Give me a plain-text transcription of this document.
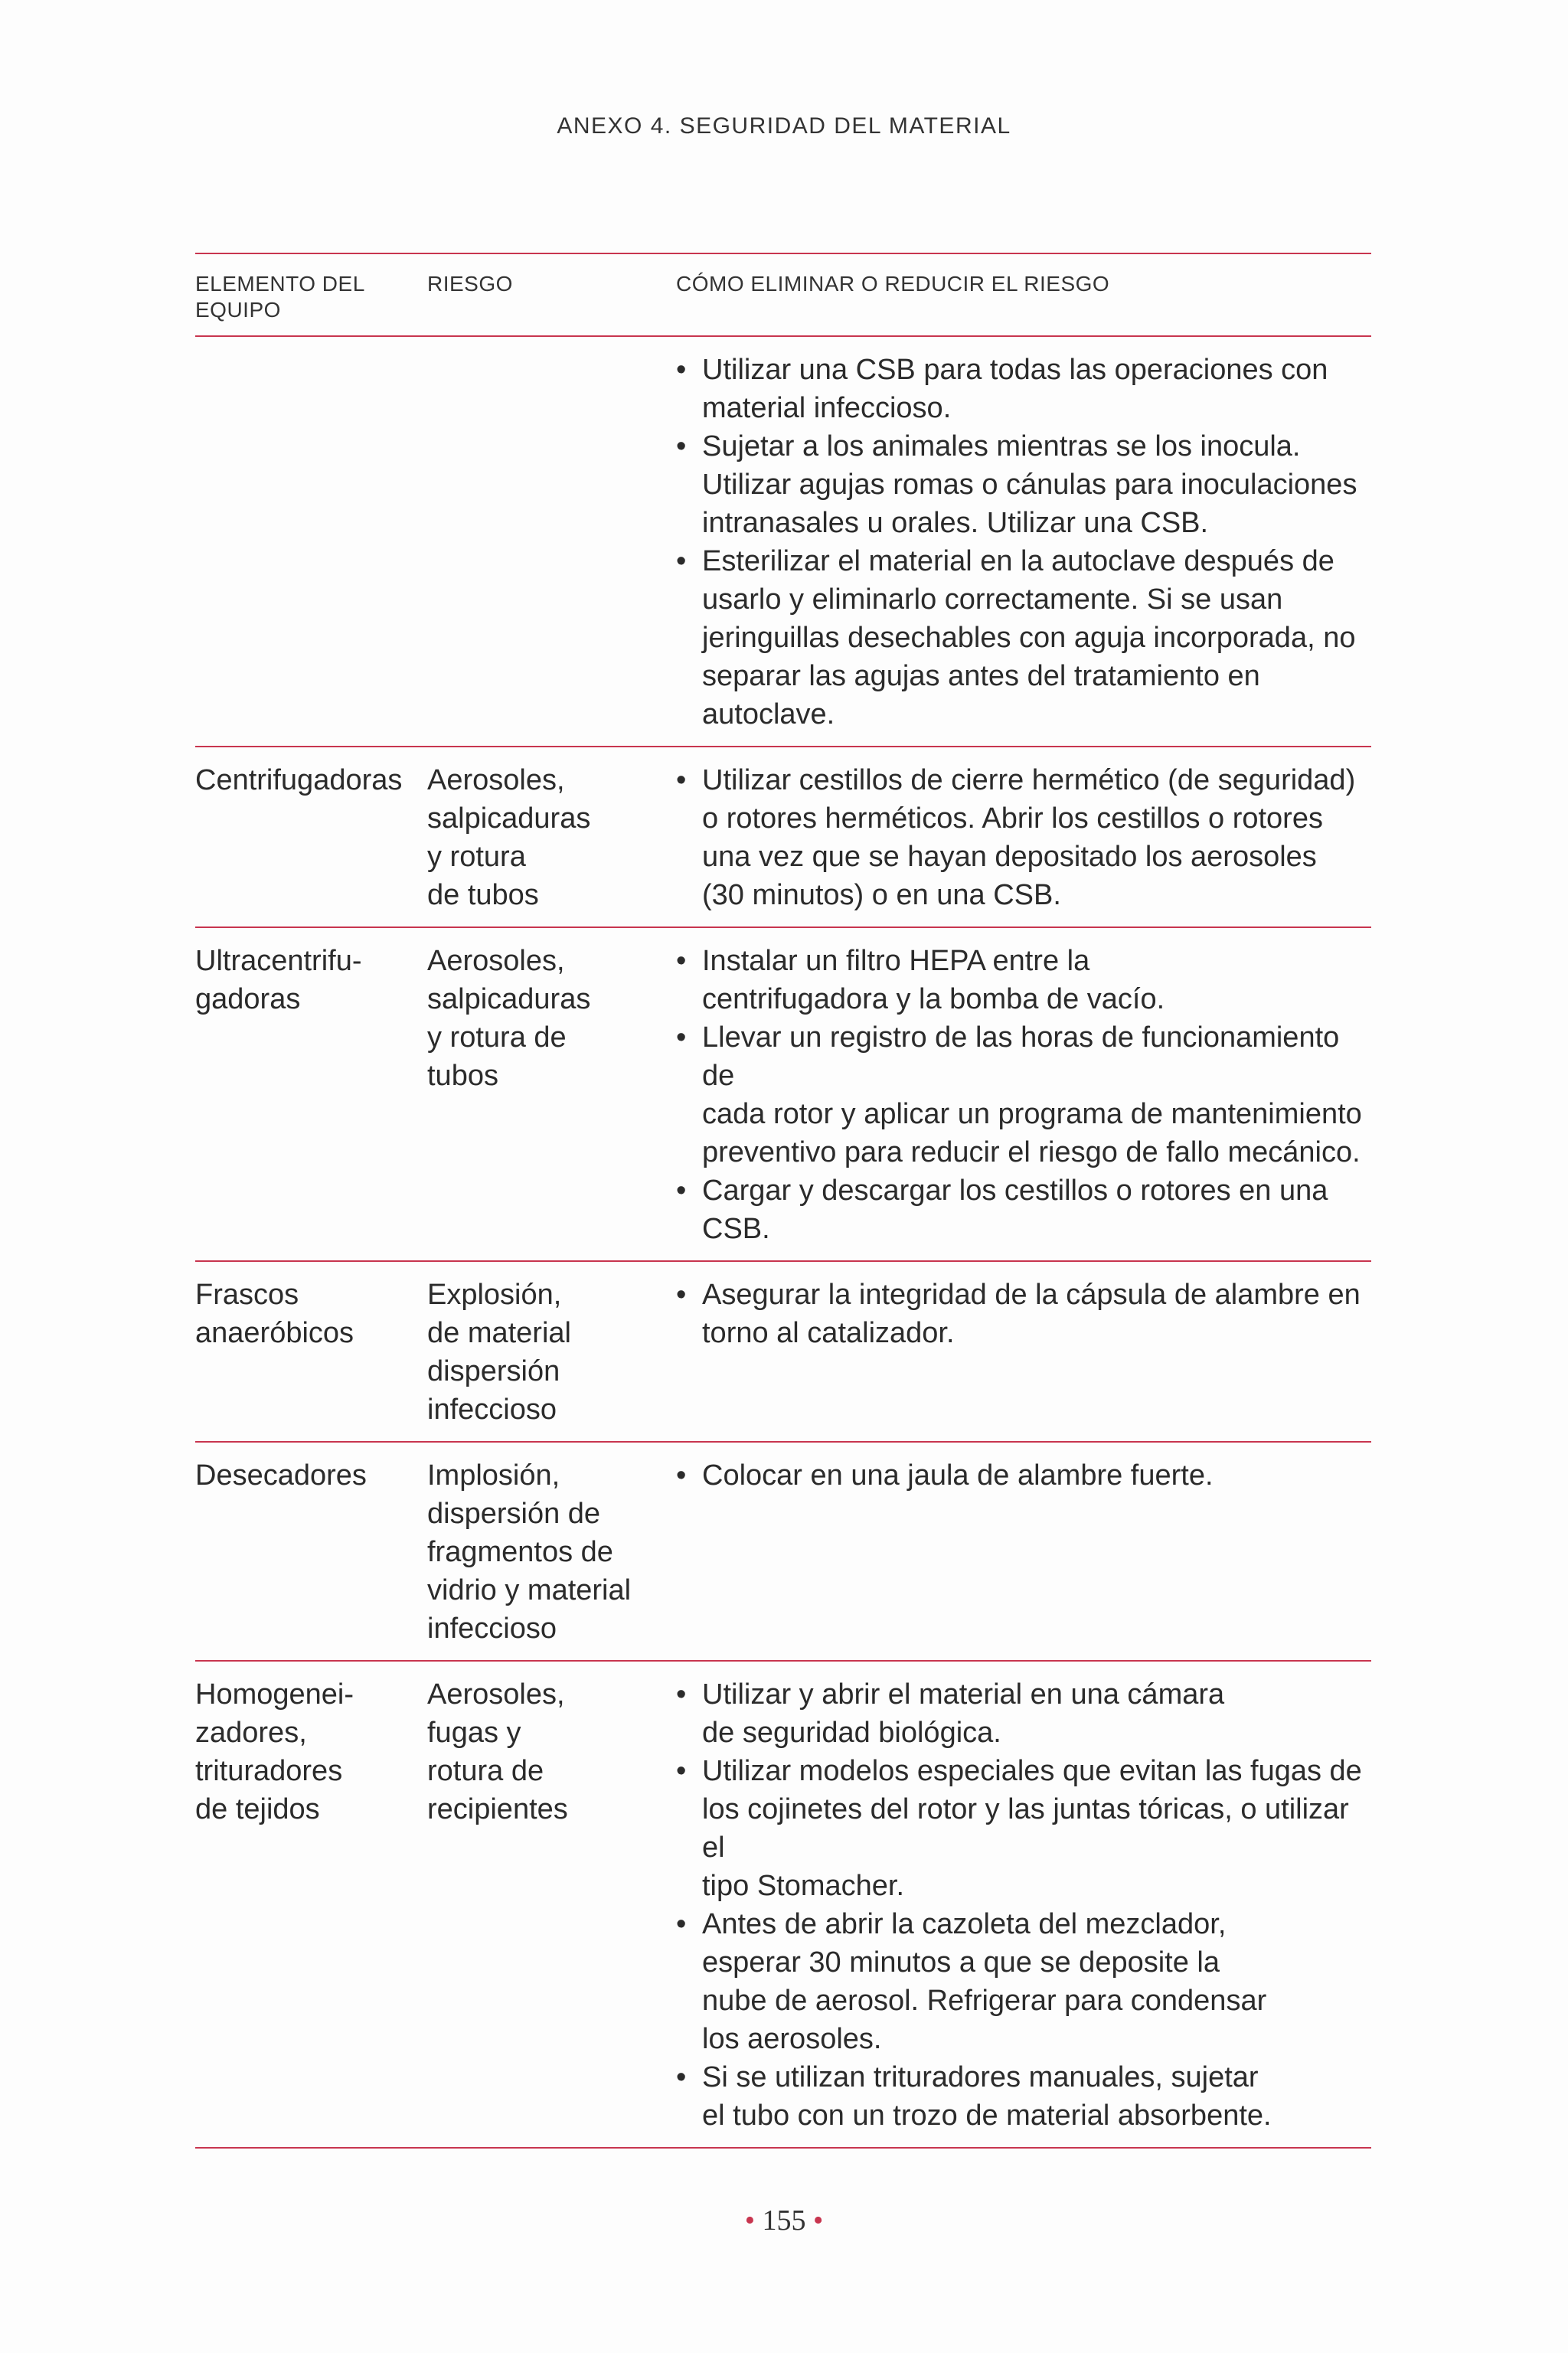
ANEXO 4. SEGURIDAD DEL MATERIAL
ELEMENTO DEL
EQUIPO
RIESGO	CÓMO ELIMINAR O REDUCIR EL RIESGO
• Utilizar una CSB para todas las operaciones con
material infeccioso.
• Sujetar a los animales mientras se los inocula.
Utilizar agujas romas o cánulas para inoculaciones
intranasales u orales. Utilizar una CSB.
• Esterilizar el material en la autoclave después de
usarlo y eliminarlo correctamente. Si se usan
jeringuillas desechables con aguja incorporada, no
separar las agujas antes del tratamiento en autoclave.
Centrifugadoras Aerosoles,
salpicaduras
y rotura
de tubos
• Utilizar cestillos de cierre hermético (de seguridad)
o rotores herméticos. Abrir los cestillos o rotores
una vez que se hayan depositado los aerosoles
(30 minutos) o en una CSB.
Ultracentrifu-
gadoras
Aerosoles,
salpicaduras
y rotura de
tubos
• Instalar un filtro HEPA entre la
centrifugadora y la bomba de vacío.
• Llevar un registro de las horas de funcionamiento de
cada rotor y aplicar un programa de mantenimiento
preventivo para reducir el riesgo de fallo mecánico.
• Cargar y descargar los cestillos o rotores en una
CSB.
Frascos
anaeróbicos
Explosión,
de material
dispersión
infeccioso
• Asegurar la integridad de la cápsula de alambre en
torno al catalizador.
Desecadores	Implosión,
dispersión de
fragmentos de
vidrio y material
infeccioso
• Colocar en una jaula de alambre fuerte.
Homogenei-
zadores,
trituradores
de tejidos
Aerosoles,
fugas y
rotura de
recipientes
• Utilizar y abrir el material en una cámara
de seguridad biológica.
• Utilizar modelos especiales que evitan las fugas de
los cojinetes del rotor y las juntas tóricas, o utilizar el
tipo Stomacher.
• Antes de abrir la cazoleta del mezclador,
esperar 30 minutos a que se deposite la
nube de aerosol. Refrigerar para condensar
los aerosoles.
• Si se utilizan trituradores manuales, sujetar
el tubo con un trozo de material absorbente.
• 155 •
